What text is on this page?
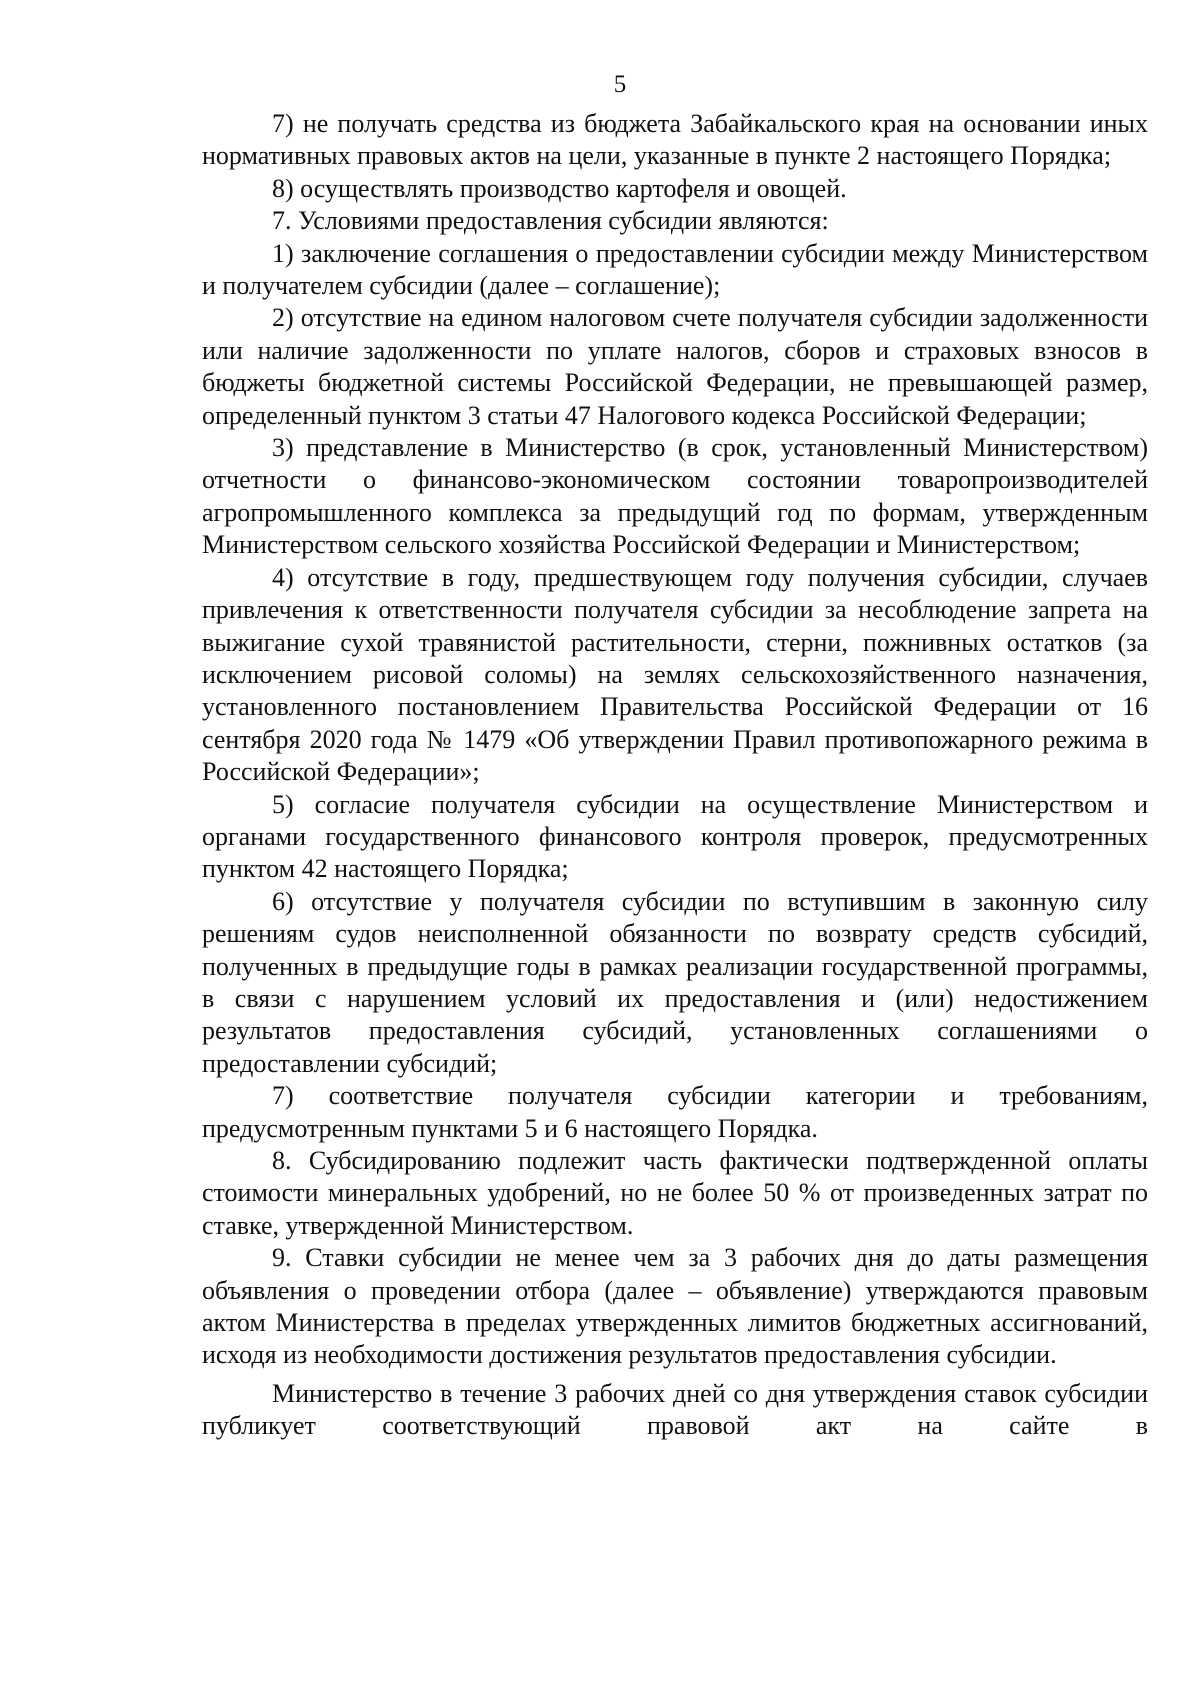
5

7) не получать средства из бюджета Забайкальского края на основании иных нормативных правовых актов на цели, указанные в пункте 2 настоящего Порядка;

8) осуществлять производство картофеля и овощей.

7. Условиями предоставления субсидии являются:

1) заключение соглашения о предоставлении субсидии между Министерством и получателем субсидии (далее – соглашение);

2) отсутствие на едином налоговом счете получателя субсидии задолженности или наличие задолженности по уплате налогов, сборов и страховых взносов в бюджеты бюджетной системы Российской Федерации, не превышающей размер, определенный пунктом 3 статьи 47 Налогового кодекса Российской Федерации;

3) представление в Министерство (в срок, установленный Министерством) отчетности о финансово-экономическом состоянии товаропроизводителей агропромышленного комплекса за предыдущий год по формам, утвержденным Министерством сельского хозяйства Российской Федерации и Министерством;

4) отсутствие в году, предшествующем году получения субсидии, случаев привлечения к ответственности получателя субсидии за несоблюдение запрета на выжигание сухой травянистой растительности, стерни, пожнивных остатков (за исключением рисовой соломы) на землях сельскохозяйственного назначения, установленного постановлением Правительства Российской Федерации от 16 сентября 2020 года № 1479 «Об утверждении Правил противопожарного режима в Российской Федерации»;

5) согласие получателя субсидии на осуществление Министерством и органами государственного финансового контроля проверок, предусмотренных пунктом 42 настоящего Порядка;

6) отсутствие у получателя субсидии по вступившим в законную силу решениям судов неисполненной обязанности по возврату средств субсидий, полученных в предыдущие годы в рамках реализации государственной программы, в связи с нарушением условий их предоставления и (или) недостижением результатов предоставления субсидий, установленных соглашениями о предоставлении субсидий;

7) соответствие получателя субсидии категории и требованиям, предусмотренным пунктами 5 и 6 настоящего Порядка.

8. Субсидированию подлежит часть фактически подтвержденной оплаты стоимости минеральных удобрений, но не более 50 % от произведенных затрат по ставке, утвержденной Министерством.

9. Ставки субсидии не менее чем за 3 рабочих дня до даты размещения объявления о проведении отбора (далее – объявление) утверждаются правовым актом Министерства в пределах утвержденных лимитов бюджетных ассигнований, исходя из необходимости достижения результатов предоставления субсидии.

Министерство в течение 3 рабочих дней со дня утверждения ставок субсидии публикует соответствующий правовой акт на сайте в
